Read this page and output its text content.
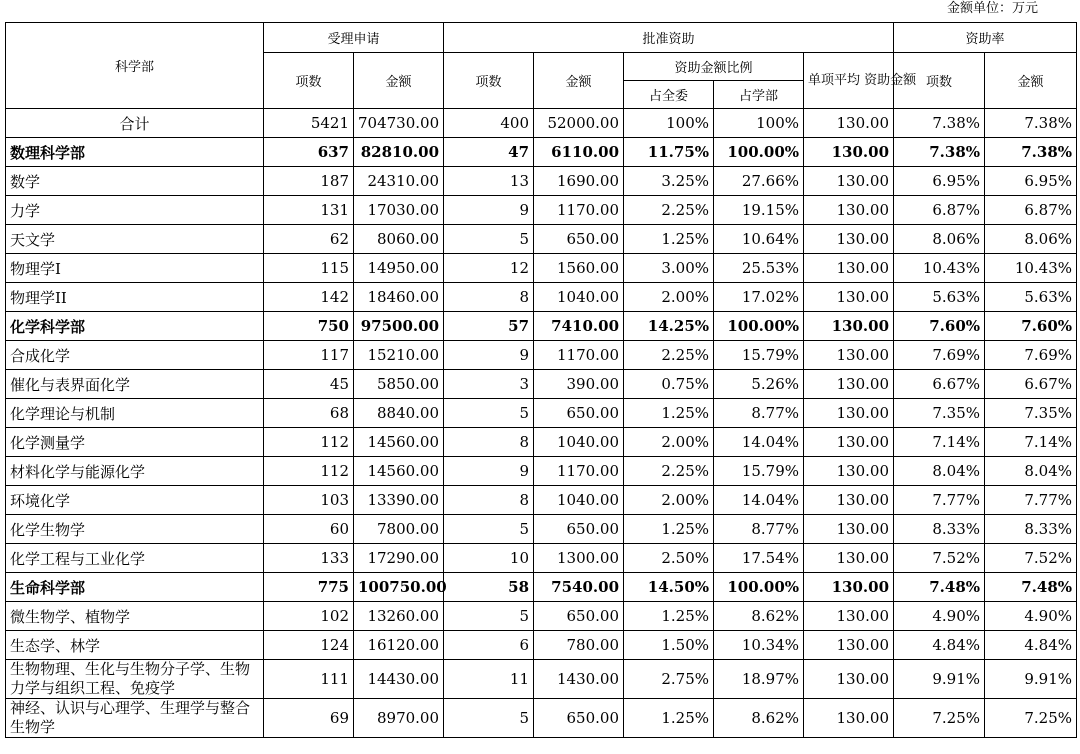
金额单位：万元
科学部	受理申请		批准资助					资助率	
	项数	金额	项数	金额	资助金额比例		单项平均 资助金额	项数	金额
					占全委	占学部			
合计	5421	704730.00	400	52000.00	100%	100%	130.00	7.38%	7.38%
数理科学部	637	82810.00	47	6110.00	11.75%	100.00%	130.00	7.38%	7.38%
数学	187	24310.00	13	1690.00	3.25%	27.66%	130.00	6.95%	6.95%
力学	131	17030.00	9	1170.00	2.25%	19.15%	130.00	6.87%	6.87%
天文学	62	8060.00	5	650.00	1.25%	10.64%	130.00	8.06%	8.06%
物理学I	115	14950.00	12	1560.00	3.00%	25.53%	130.00	10.43%	10.43%
物理学II	142	18460.00	8	1040.00	2.00%	17.02%	130.00	5.63%	5.63%
化学科学部	750	97500.00	57	7410.00	14.25%	100.00%	130.00	7.60%	7.60%
合成化学	117	15210.00	9	1170.00	2.25%	15.79%	130.00	7.69%	7.69%
催化与表界面化学	45	5850.00	3	390.00	0.75%	5.26%	130.00	6.67%	6.67%
化学理论与机制	68	8840.00	5	650.00	1.25%	8.77%	130.00	7.35%	7.35%
化学测量学	112	14560.00	8	1040.00	2.00%	14.04%	130.00	7.14%	7.14%
材料化学与能源化学	112	14560.00	9	1170.00	2.25%	15.79%	130.00	8.04%	8.04%
环境化学	103	13390.00	8	1040.00	2.00%	14.04%	130.00	7.77%	7.77%
化学生物学	60	7800.00	5	650.00	1.25%	8.77%	130.00	8.33%	8.33%
化学工程与工业化学	133	17290.00	10	1300.00	2.50%	17.54%	130.00	7.52%	7.52%
生命科学部	775	100750.00	58	7540.00	14.50%	100.00%	130.00	7.48%	7.48%
微生物学、植物学	102	13260.00	5	650.00	1.25%	8.62%	130.00	4.90%	4.90%
生态学、林学	124	16120.00	6	780.00	1.50%	10.34%	130.00	4.84%	4.84%
生物物理、生化与生物分子学、生物力学与组织工程、免疫学	111	14430.00	11	1430.00	2.75%	18.97%	130.00	9.91%	9.91%
神经、认识与心理学、生理学与整合生物学	69	8970.00	5	650.00	1.25%	8.62%	130.00	7.25%	7.25%
